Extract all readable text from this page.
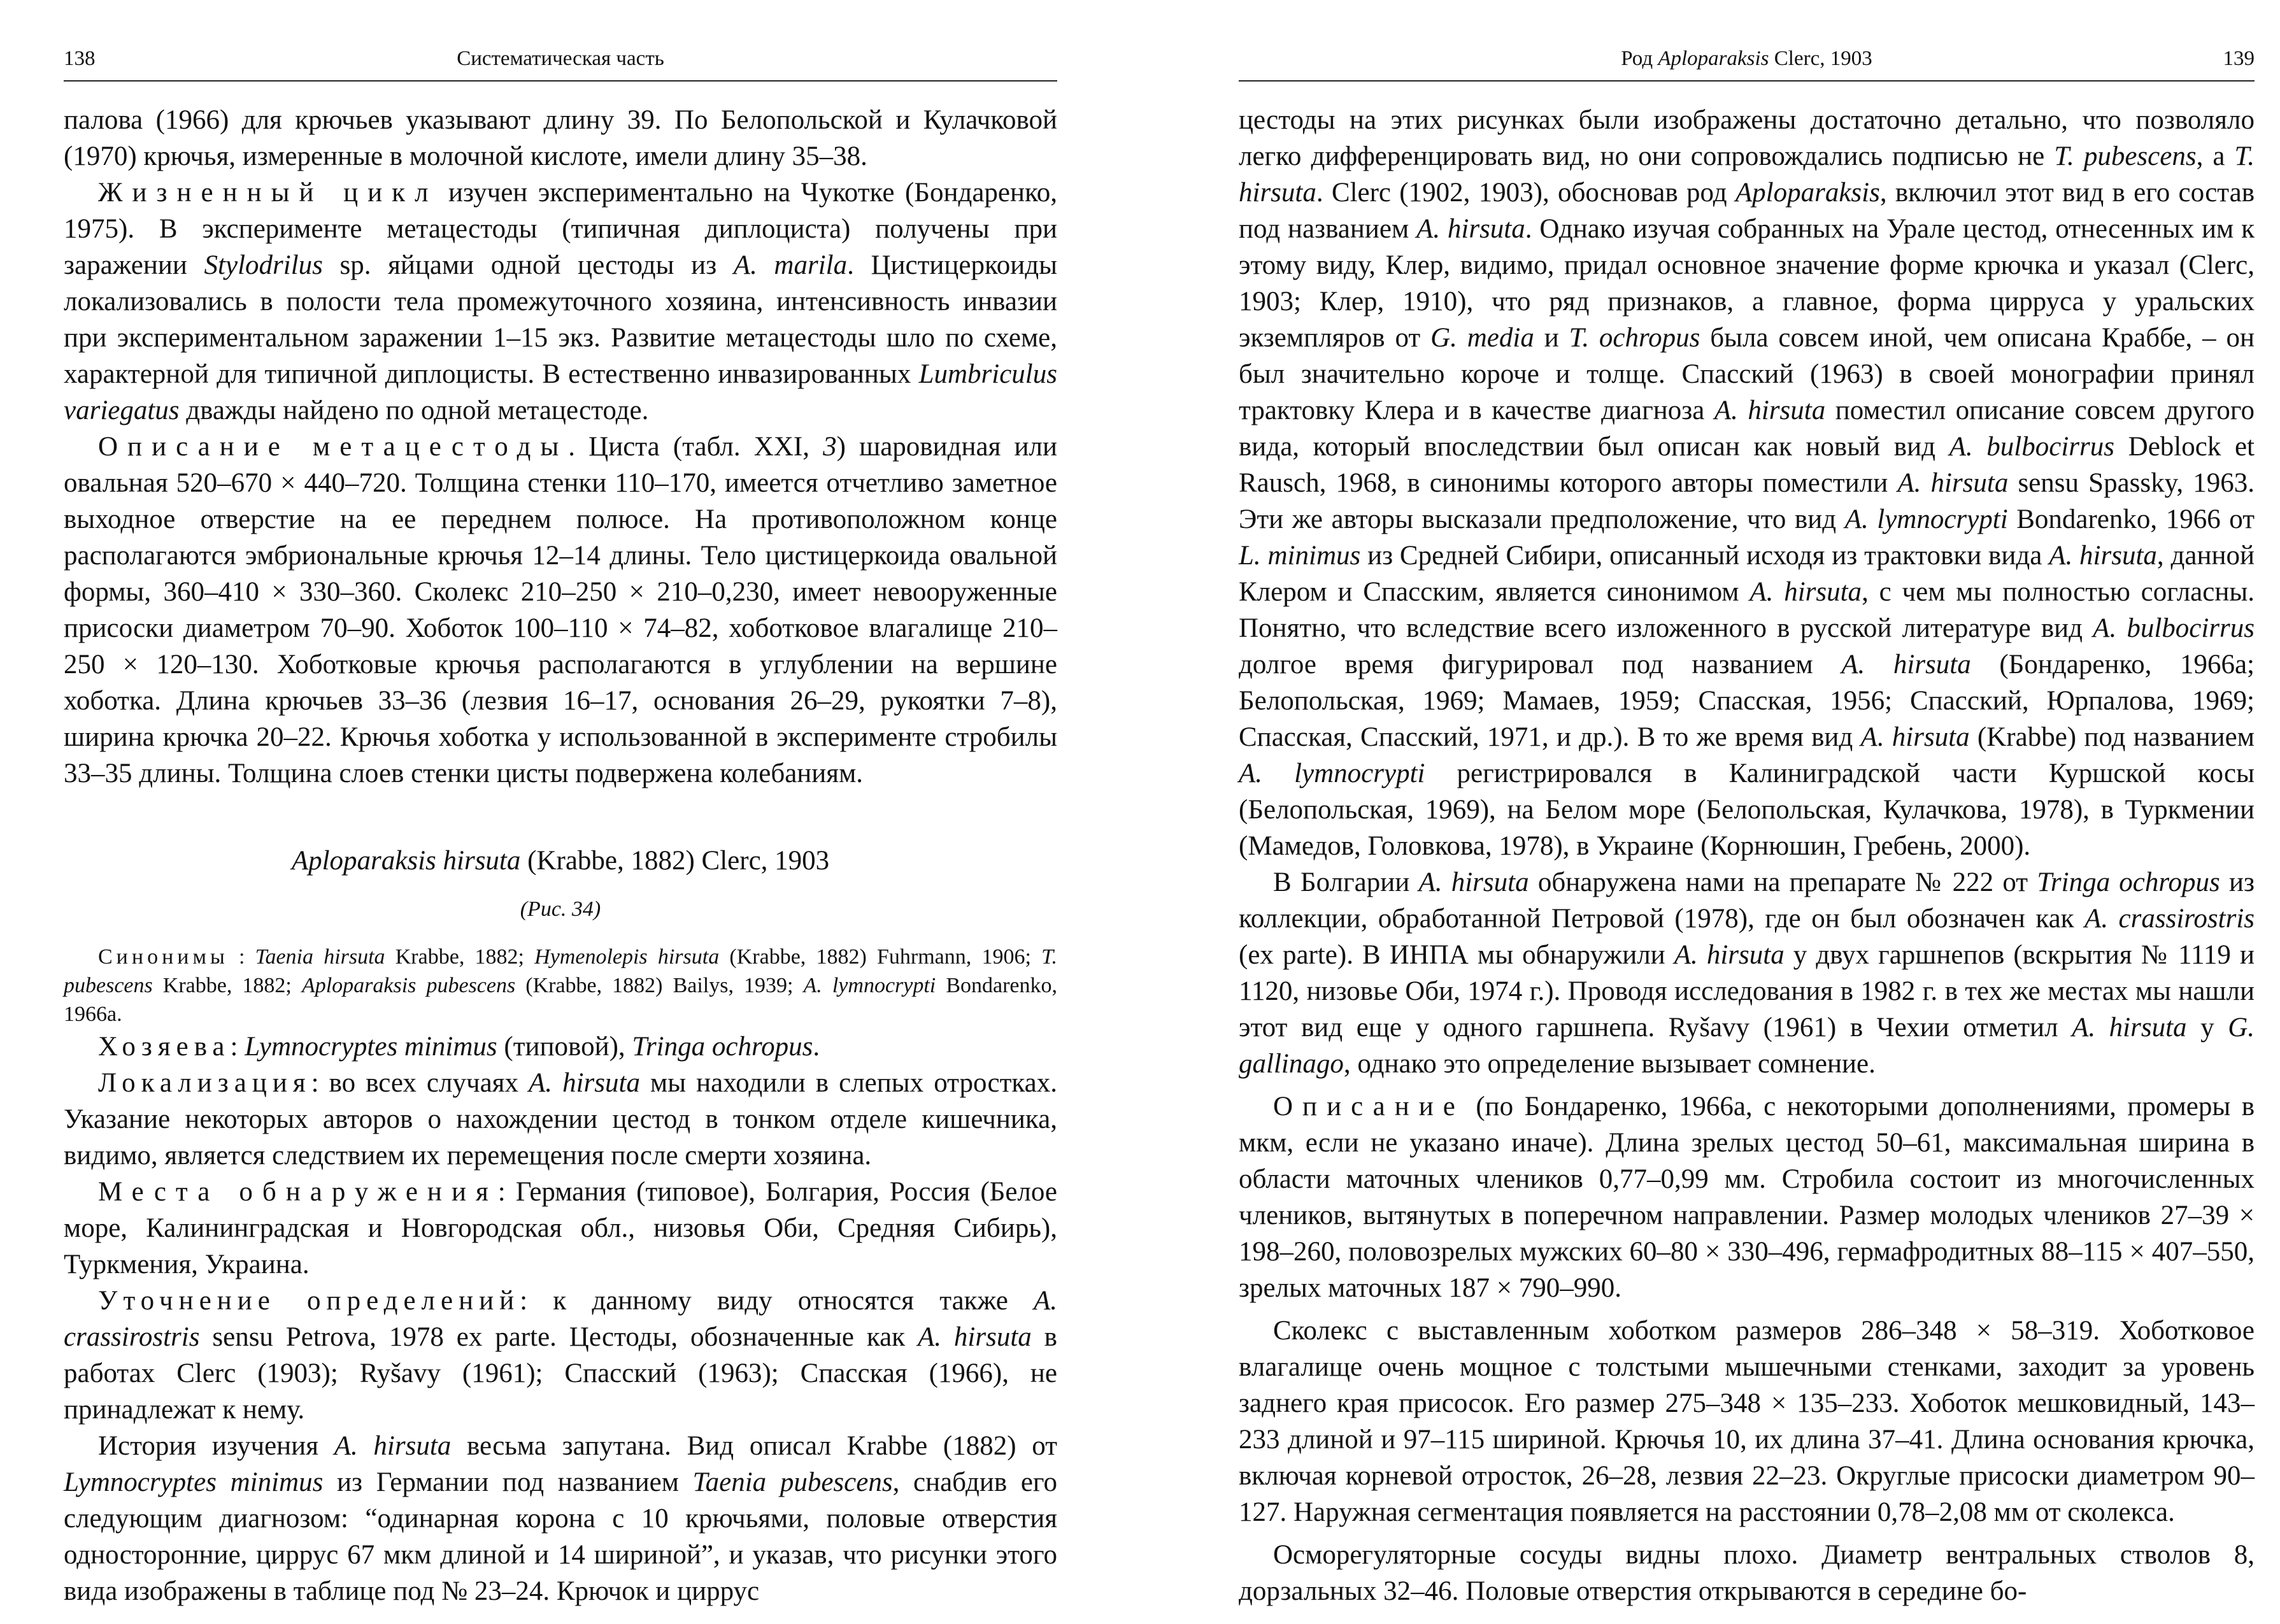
138	Систематическая часть

палова (1966) для крючьев указывают длину 39. По Белопольской и Кулачковой (1970) крючья, измеренные в молочной кислоте, имели длину 35–38.

Жизненный цикл изучен экспериментально на Чукотке (Бондаренко, 1975). В эксперименте метацестоды (типичная диплоциста) получены при заражении Stylodrilus sp. яйцами одной цестоды из A. marila. Цистицеркоиды локализовались в полости тела промежуточного хозяина, интенсивность инвазии при экспериментальном заражении 1–15 экз. Развитие метацестоды шло по схеме, характерной для типичной диплоцисты. В естественно инвазированных Lumbriculus variegatus дважды найдено по одной метацестоде.

Описание метацестоды. Циста (табл. XXI, 3) шаровидная или овальная 520–670 × 440–720. Толщина стенки 110–170, имеется отчетливо заметное выходное отверстие на ее переднем полюсе. На противоположном конце располагаются эмбриональные крючья 12–14 длины. Тело цистицеркоида овальной формы, 360–410 × 330–360. Сколекс 210–250 × 210–0,230, имеет невооруженные присоски диаметром 70–90. Хоботок 100–110 × 74–82, хоботковое влагалище 210–250 × 120–130. Хоботковые крючья располагаются в углублении на вершине хоботка. Длина крючьев 33–36 (лезвия 16–17, основания 26–29, рукоятки 7–8), ширина крючка 20–22. Крючья хоботка у использованной в эксперименте стробилы 33–35 длины. Толщина слоев стенки цисты подвержена колебаниям.

Aploparaksis hirsuta (Krabbe, 1882) Clerc, 1903
(Рис. 34)

Синонимы : Taenia hirsuta Krabbe, 1882; Hymenolepis hirsuta (Krabbe, 1882) Fuhrmann, 1906; T. pubescens Krabbe, 1882; Aploparaksis pubescens (Krabbe, 1882) Bailys, 1939; A. lymnocrypti Bondarenko, 1966a.

Хозяева: Lymnocryptes minimus (типовой), Tringa ochropus.

Локализация: во всех случаях A. hirsuta мы находили в слепых отростках. Указание некоторых авторов о нахождении цестод в тонком отделе кишечника, видимо, является следствием их перемещения после смерти хозяина.

Места обнаружения: Германия (типовое), Болгария, Россия (Белое море, Калининградская и Новгородская обл., низовья Оби, Средняя Сибирь), Туркмения, Украина.

Уточнение определений: к данному виду относятся также A. crassirostris sensu Petrova, 1978 ex parte. Цестоды, обозначенные как A. hirsuta в работах Clerc (1903); Ryšavy (1961); Спасский (1963); Спасская (1966), не принадлежат к нему.

История изучения A. hirsuta весьма запутана. Вид описал Krabbe (1882) от Lymnocryptes minimus из Германии под названием Taenia pubescens, снабдив его следующим диагнозом: “одинарная корона с 10 крючьями, половые отверстия односторонние, циррус 67 мкм длиной и 14 шириной”, и указав, что рисунки этого вида изображены в таблице под № 23–24. Крючок и циррус

Род Aploparaksis Clerc, 1903	139

цестоды на этих рисунках были изображены достаточно детально, что позволяло легко дифференцировать вид, но они сопровождались подписью не T. pubescens, а T. hirsuta. Clerc (1902, 1903), обосновав род Aploparaksis, включил этот вид в его состав под названием A. hirsuta. Однако изучая собранных на Урале цестод, отнесенных им к этому виду, Клер, видимо, придал основное значение форме крючка и указал (Clerc, 1903; Клер, 1910), что ряд признаков, а главное, форма цирруса у уральских экземпляров от G. media и T. ochropus была совсем иной, чем описана Краббе, – он был значительно короче и толще. Спасский (1963) в своей монографии принял трактовку Клера и в качестве диагноза A. hirsuta поместил описание совсем другого вида, который впоследствии был описан как новый вид A. bulbocirrus Deblock et Rausch, 1968, в синонимы которого авторы поместили A. hirsuta sensu Spassky, 1963. Эти же авторы высказали предположение, что вид A. lymnocrypti Bondarenko, 1966 от L. minimus из Средней Сибири, описанный исходя из трактовки вида A. hirsuta, данной Клером и Спасским, является синонимом A. hirsuta, с чем мы полностью согласны. Понятно, что вследствие всего изложенного в русской литературе вид A. bulbocirrus долгое время фигурировал под названием A. hirsuta (Бондаренко, 1966а; Белопольская, 1969; Мамаев, 1959; Спасская, 1956; Спасский, Юрпалова, 1969; Спасская, Спасский, 1971, и др.). В то же время вид A. hirsuta (Krabbe) под названием A. lymnocrypti регистрировался в Калиниградской части Куршской косы (Белопольская, 1969), на Белом море (Белопольская, Кулачкова, 1978), в Туркмении (Мамедов, Головкова, 1978), в Украине (Корнюшин, Гребень, 2000).

В Болгарии A. hirsuta обнаружена нами на препарате № 222 от Tringa ochropus из коллекции, обработанной Петровой (1978), где он был обозначен как A. crassirostris (ex parte). В ИНПА мы обнаружили A. hirsuta у двух гаршнепов (вскрытия № 1119 и 1120, низовье Оби, 1974 г.). Проводя исследования в 1982 г. в тех же местах мы нашли этот вид еще у одного гаршнепа. Ryšavy (1961) в Чехии отметил A. hirsuta у G. gallinago, однако это определение вызывает сомнение.

Описание (по Бондаренко, 1966а, с некоторыми дополнениями, промеры в мкм, если не указано иначе). Длина зрелых цестод 50–61, максимальная ширина в области маточных члеников 0,77–0,99 мм. Стробила состоит из многочисленных члеников, вытянутых в поперечном направлении. Размер молодых члеников 27–39 × 198–260, половозрелых мужских 60–80 × 330–496, гермафродитных 88–115 × 407–550, зрелых маточных 187 × 790–990.

Сколекс с выставленным хоботком размеров 286–348 × 58–319. Хоботковое влагалище очень мощное с толстыми мышечными стенками, заходит за уровень заднего края присосок. Его размер 275–348 × 135–233. Хоботок мешковидный, 143–233 длиной и 97–115 шириной. Крючья 10, их длина 37–41. Длина основания крючка, включая корневой отросток, 26–28, лезвия 22–23. Округлые присоски диаметром 90–127. Наружная сегментация появляется на расстоянии 0,78–2,08 мм от сколекса.

Осморегуляторные сосуды видны плохо. Диаметр вентральных стволов 8, дорзальных 32–46. Половые отверстия открываются в середине бо-
